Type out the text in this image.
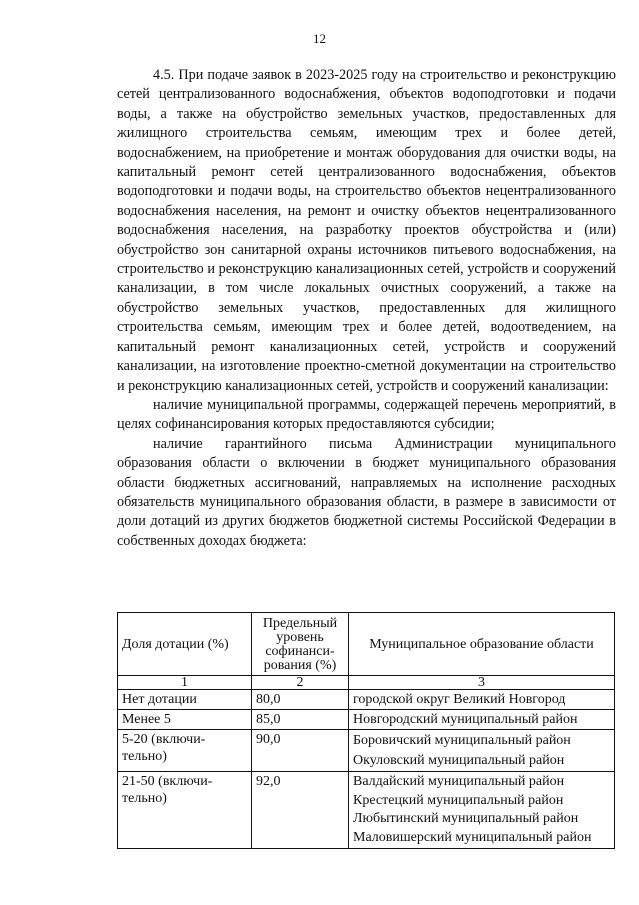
12

4.5. При подаче заявок в 2023-2025 году на строительство и реконструкцию сетей централизованного водоснабжения, объектов водоподготовки и подачи воды, а также на обустройство земельных участков, предоставленных для жилищного строительства семьям, имеющим трех и более детей, водоснабжением, на приобретение и монтаж оборудования для очистки воды, на капитальный ремонт сетей централизованного водоснабжения, объектов водоподготовки и подачи воды, на строительство объектов нецентрализованного водоснабжения населения, на ремонт и очистку объектов нецентрализованного водоснабжения населения, на разработку проектов обустройства и (или) обустройство зон санитарной охраны источников питьевого водоснабжения, на строительство и реконструкцию канализационных сетей, устройств и сооружений канализации, в том числе локальных очистных сооружений, а также на обустройство земельных участков, предоставленных для жилищного строительства семьям, имеющим трех и более детей, водоотведением, на капитальный ремонт канализационных сетей, устройств и сооружений канализации, на изготовление проектно-сметной документации на строительство и реконструкцию канализационных сетей, устройств и сооружений канализации:

наличие муниципальной программы, содержащей перечень мероприятий, в целях софинансирования которых предоставляются субсидии;

наличие гарантийного письма Администрации муниципального образования области о включении в бюджет муниципального образования области бюджетных ассигнований, направляемых на исполнение расходных обязательств муниципального образования области, в размере в зависимости от доли дотаций из других бюджетов бюджетной системы Российской Федерации в собственных доходах бюджета:

Доля дотации (%)	Предельный уровень софинанси-рования (%)	Муниципальное образование области
1	2	3
Нет дотации	80,0	городской округ Великий Новгород

Менее 5	85,0	Новгородский муниципальный район

5-20 (включи-тельно)	90,0	Боровичский муниципальный район
Окуловский муниципальный район

21-50 (включи-тельно)	92,0	Валдайский муниципальный район
Крестецкий муниципальный район
Любытинский муниципальный район
Маловишерский муниципальный район
